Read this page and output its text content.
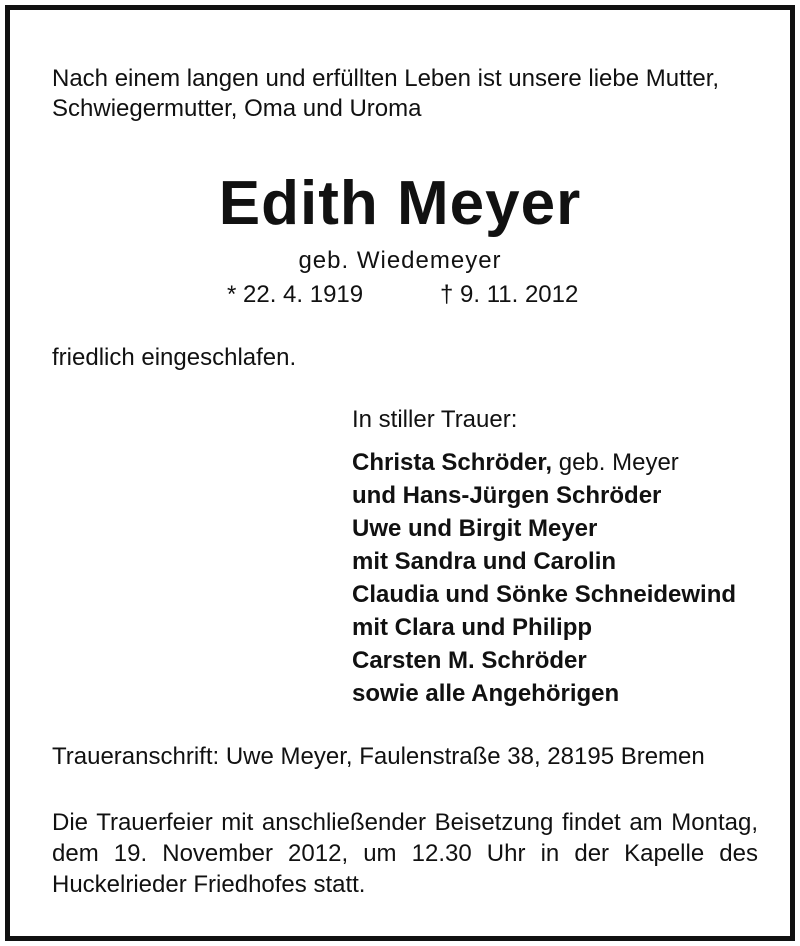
Nach einem langen und erfüllten Leben ist unsere liebe Mutter, Schwiegermutter, Oma und Uroma
Edith Meyer
geb. Wiedemeyer
* 22. 4. 1919	† 9. 11. 2012
friedlich eingeschlafen.
In stiller Trauer:
Christa Schröder, geb. Meyer
und Hans-Jürgen Schröder
Uwe und Birgit Meyer
mit Sandra und Carolin
Claudia und Sönke Schneidewind
mit Clara und Philipp
Carsten M. Schröder
sowie alle Angehörigen
Traueranschrift: Uwe Meyer, Faulenstraße 38, 28195 Bremen
Die Trauerfeier mit anschließender Beisetzung findet am Montag, dem 19. November 2012, um 12.30 Uhr in der Kapelle des Huckelrieder Friedhofes statt.
